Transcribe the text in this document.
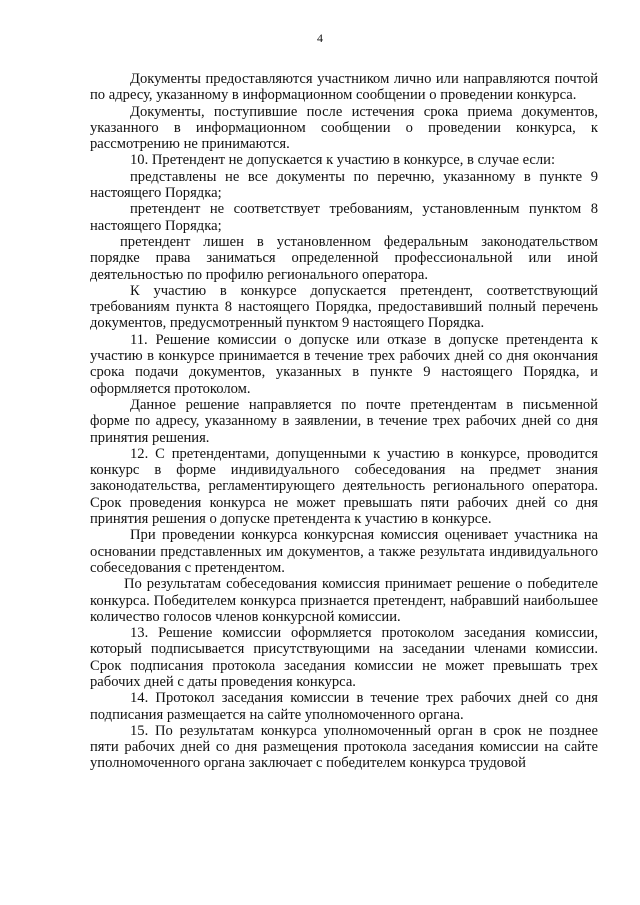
4

Документы предоставляются участником лично или направляются почтой по адресу, указанному в информационном сообщении о проведении конкурса.

Документы, поступившие после истечения срока приема документов, указанного в информационном сообщении о проведении конкурса, к рассмотрению не принимаются.

10. Претендент не допускается к участию в конкурсе, в случае если:

представлены не все документы по перечню, указанному в пункте 9 настоящего Порядка;

претендент не соответствует требованиям, установленным пунктом 8 настоящего Порядка;

претендент лишен в установленном федеральным законодательством порядке права заниматься определенной профессиональной или иной деятельностью по профилю регионального оператора.

К участию в конкурсе допускается претендент, соответствующий требованиям пункта 8 настоящего Порядка, предоставивший полный перечень документов, предусмотренный пунктом 9 настоящего Порядка.

11. Решение комиссии о допуске или отказе в допуске претендента к участию в конкурсе принимается в течение трех рабочих дней со дня окончания срока подачи документов, указанных в пункте 9 настоящего Порядка, и оформляется протоколом.

Данное решение направляется по почте претендентам в письменной форме по адресу, указанному в заявлении, в течение трех рабочих дней со дня принятия решения.

12. С претендентами, допущенными к участию в конкурсе, проводится конкурс в форме индивидуального собеседования на предмет знания законодательства, регламентирующего деятельность регионального оператора. Срок проведения конкурса не может превышать пяти рабочих дней со дня принятия решения о допуске претендента к участию в конкурсе.

При проведении конкурса конкурсная комиссия оценивает участника на основании представленных им документов, а также результата индивидуального собеседования с претендентом.

По результатам собеседования комиссия принимает решение о победителе конкурса. Победителем конкурса признается претендент, набравший наибольшее количество голосов членов конкурсной комиссии.

13. Решение комиссии оформляется протоколом заседания комиссии, который подписывается присутствующими на заседании членами комиссии. Срок подписания протокола заседания комиссии не может превышать трех рабочих дней с даты проведения конкурса.

14. Протокол заседания комиссии в течение трех рабочих дней со дня подписания размещается на сайте уполномоченного органа.

15. По результатам конкурса уполномоченный орган в срок не позднее пяти рабочих дней со дня размещения протокола заседания комиссии на сайте уполномоченного органа заключает с победителем конкурса трудовой
